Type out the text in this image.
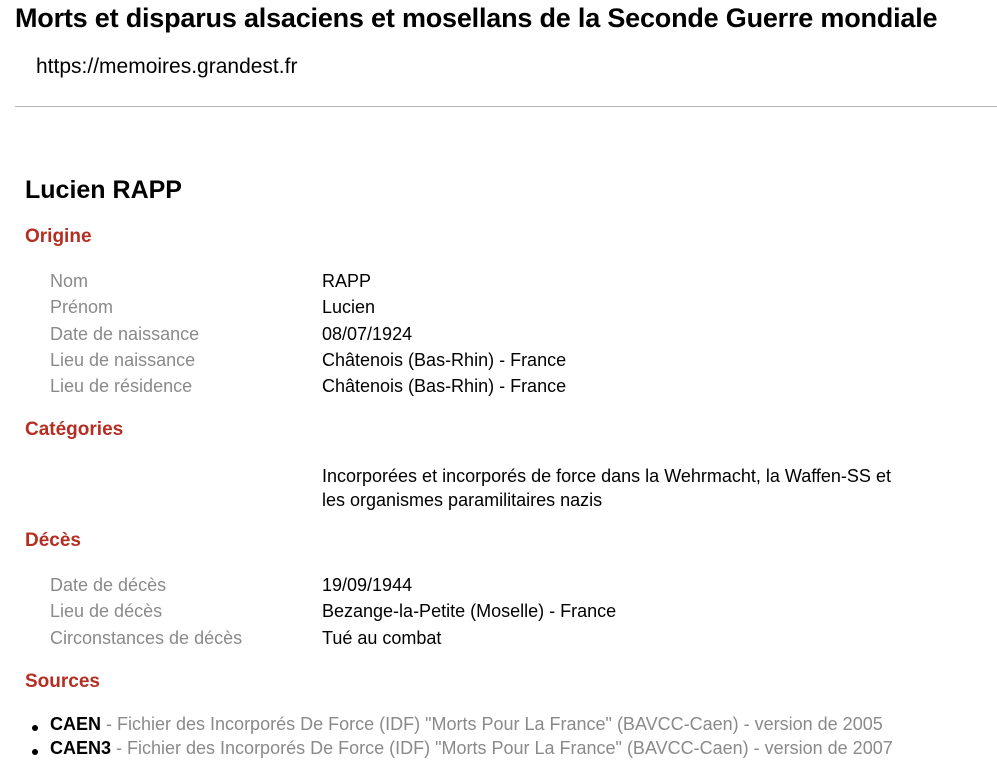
Morts et disparus alsaciens et mosellans de la Seconde Guerre mondiale
https://memoires.grandest.fr
Lucien RAPP
Origine
Nom	RAPP
Prénom	Lucien
Date de naissance	08/07/1924
Lieu de naissance	Châtenois (Bas-Rhin) - France
Lieu de résidence	Châtenois (Bas-Rhin) - France
Catégories
Incorporées et incorporés de force dans la Wehrmacht, la Waffen-SS et les organismes paramilitaires nazis
Décès
Date de décès	19/09/1944
Lieu de décès	Bezange-la-Petite (Moselle) - France
Circonstances de décès	Tué au combat
Sources
CAEN - Fichier des Incorporés De Force (IDF) "Morts Pour La France" (BAVCC-Caen) - version de 2005
CAEN3 - Fichier des Incorporés De Force (IDF) "Morts Pour La France" (BAVCC-Caen) - version de 2007
